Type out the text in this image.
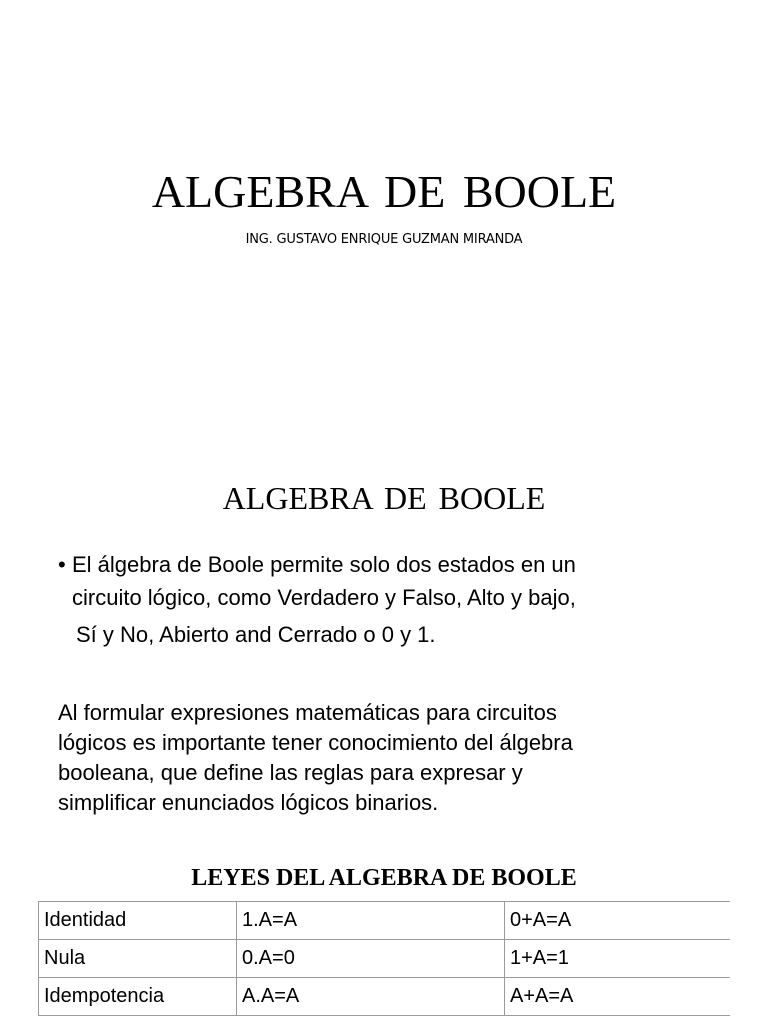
ALGEBRA DE BOOLE
ING. GUSTAVO ENRIQUE GUZMAN MIRANDA
ALGEBRA DE BOOLE
• El álgebra de Boole permite solo dos estados en un
circuito lógico, como Verdadero y Falso, Alto y bajo,
Sí y No, Abierto and Cerrado o 0 y 1.
Al formular expresiones matemáticas para circuitos
lógicos es importante tener conocimiento del álgebra
booleana, que define las reglas para expresar y
simplificar enunciados lógicos binarios.
LEYES DEL ALGEBRA DE BOOLE
Identidad	1.A=A	0+A=A
Nula	0.A=0	1+A=1
Idempotencia	A.A=A	A+A=A
